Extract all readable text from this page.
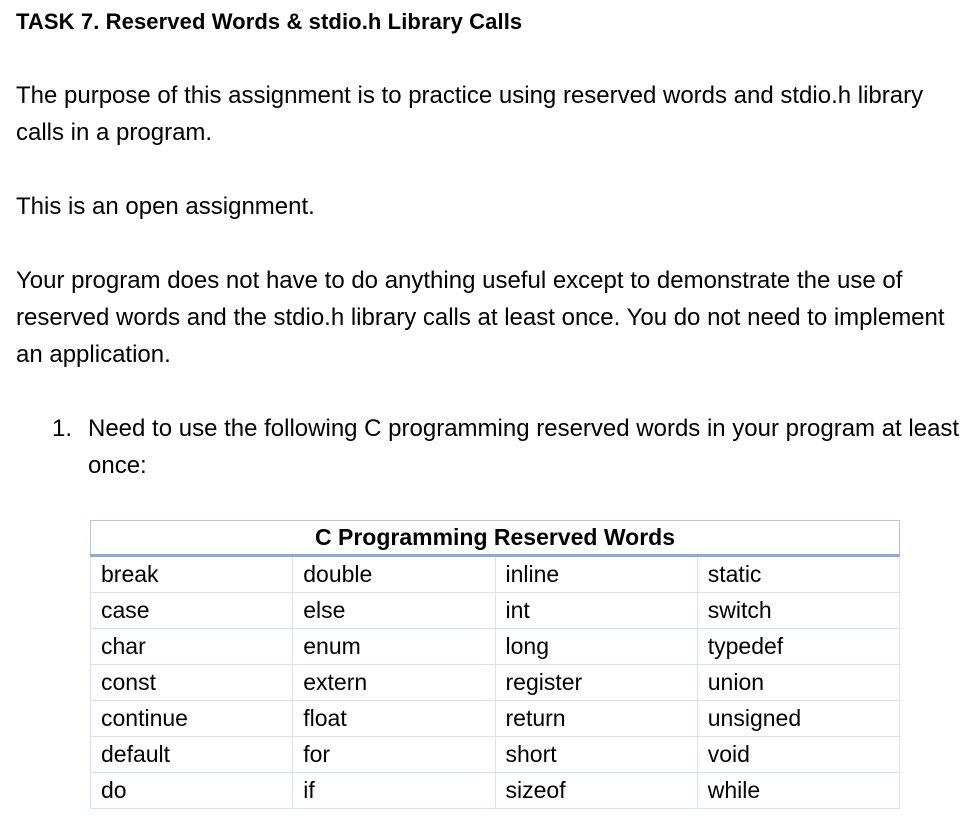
TASK 7. Reserved Words & stdio.h Library Calls
The purpose of this assignment is to practice using reserved words and stdio.h library calls in a program.
This is an open assignment.
Your program does not have to do anything useful except to demonstrate the use of reserved words and the stdio.h library calls at least once. You do not need to implement an application.
1. Need to use the following C programming reserved words in your program at least once:
C Programming Reserved Words			
break	double	inline	static
case	else	int	switch
char	enum	long	typedef
const	extern	register	union
continue	float	return	unsigned
default	for	short	void
do	if	sizeof	while
